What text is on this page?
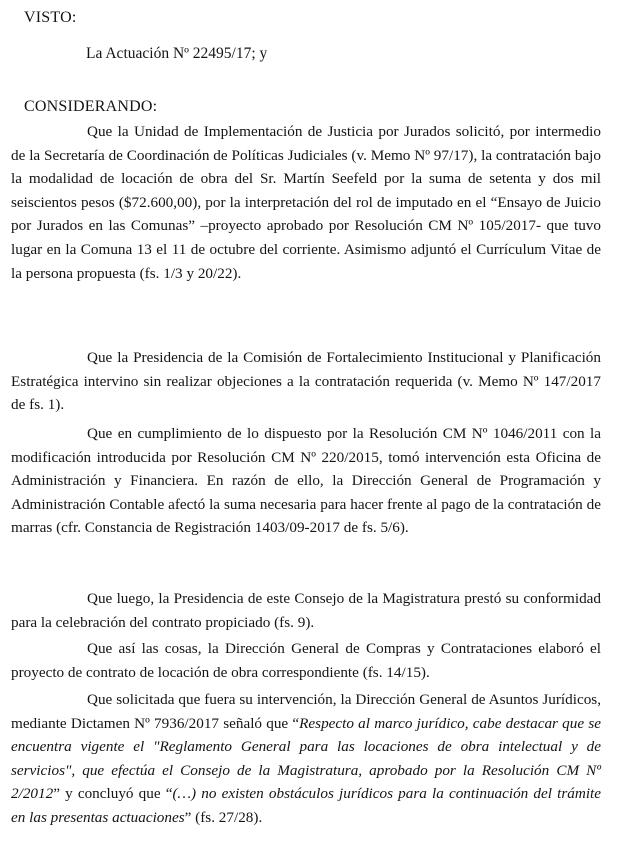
VISTO:
La Actuación Nº 22495/17; y
CONSIDERANDO:

Que la Unidad de Implementación de Justicia por Jurados solicitó, por intermedio de la Secretaría de Coordinación de Políticas Judiciales (v. Memo Nº 97/17), la contratación bajo la modalidad de locación de obra del Sr. Martín Seefeld por la suma de setenta y dos mil seiscientos pesos ($72.600,00), por la interpretación del rol de imputado en el “Ensayo de Juicio por Jurados en las Comunas” –proyecto aprobado por Resolución CM Nº 105/2017- que tuvo lugar en la Comuna 13 el 11 de octubre del corriente. Asimismo adjuntó el Currículum Vitae de la persona propuesta (fs. 1/3 y 20/22).

Que la Presidencia de la Comisión de Fortalecimiento Institucional y Planificación Estratégica intervino sin realizar objeciones a la contratación requerida (v. Memo Nº 147/2017 de fs. 1).

Que en cumplimiento de lo dispuesto por la Resolución CM Nº 1046/2011 con la modificación introducida por Resolución CM Nº 220/2015, tomó intervención esta Oficina de Administración y Financiera. En razón de ello, la Dirección General de Programación y Administración Contable afectó la suma necesaria para hacer frente al pago de la contratación de marras (cfr. Constancia de Registración 1403/09-2017 de fs. 5/6).

Que luego, la Presidencia de este Consejo de la Magistratura prestó su conformidad para la celebración del contrato propiciado (fs. 9).

Que así las cosas, la Dirección General de Compras y Contrataciones elaboró el proyecto de contrato de locación de obra correspondiente (fs. 14/15).

Que solicitada que fuera su intervención, la Dirección General de Asuntos Jurídicos, mediante Dictamen Nº 7936/2017 señaló que “Respecto al marco jurídico, cabe destacar que se encuentra vigente el "Reglamento General para las locaciones de obra intelectual y de servicios", que efectúa el Consejo de la Magistratura, aprobado por la Resolución CM Nº 2/2012” y concluyó que “(…) no existen obstáculos jurídicos para la continuación del trámite en las presentas actuaciones” (fs. 27/28).
